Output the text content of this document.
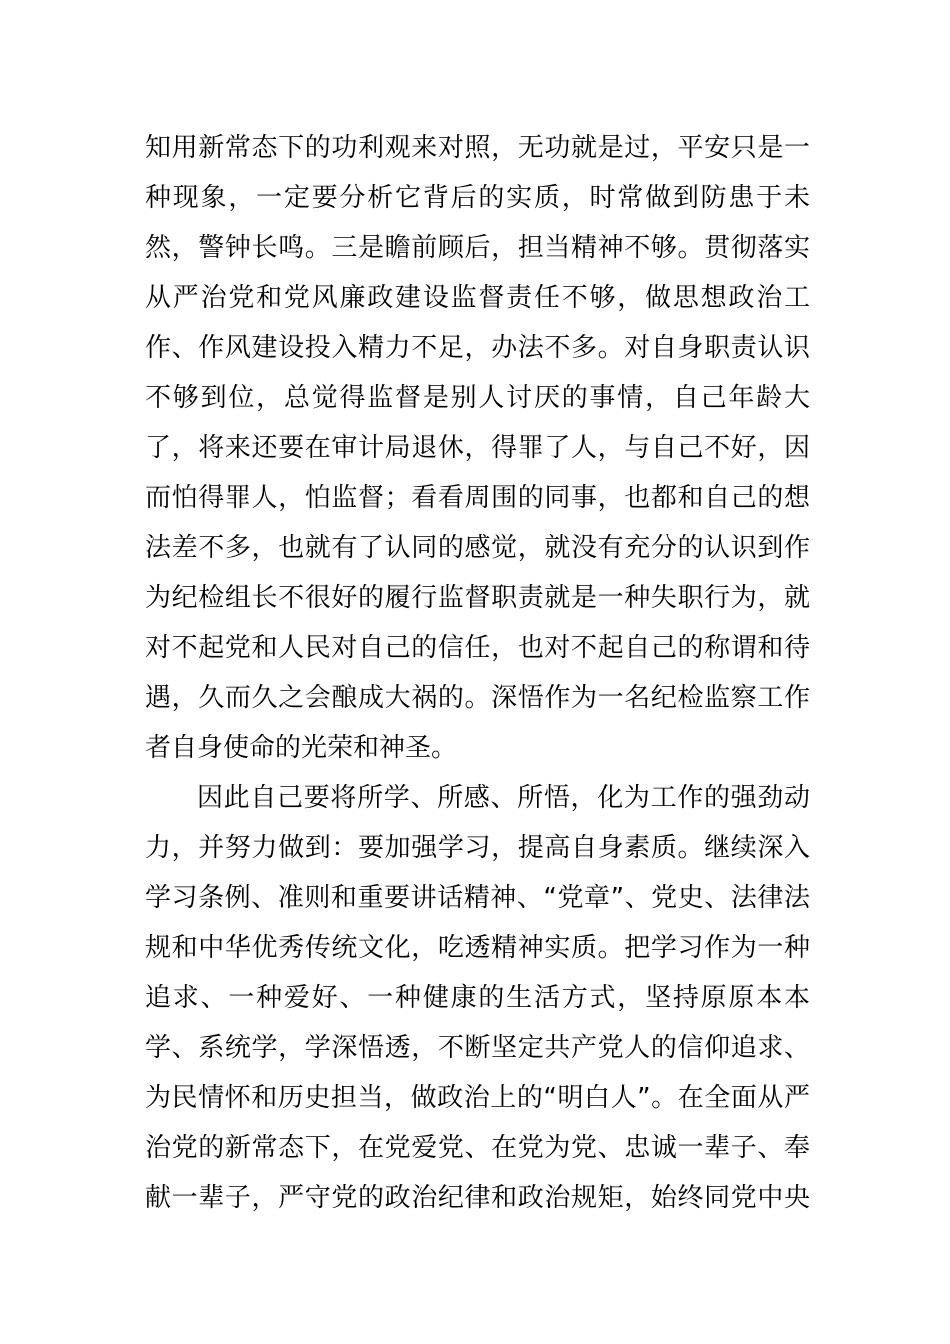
知用新常态下的功利观来对照，无功就是过，平安只是一
种现象，一定要分析它背后的实质，时常做到防患于未
然，警钟长鸣。三是瞻前顾后，担当精神不够。贯彻落实
从严治党和党风廉政建设监督责任不够，做思想政治工
作、作风建设投入精力不足，办法不多。对自身职责认识
不够到位，总觉得监督是别人讨厌的事情，自己年龄大
了，将来还要在审计局退休，得罪了人，与自己不好，因
而怕得罪人，怕监督；看看周围的同事，也都和自己的想
法差不多，也就有了认同的感觉，就没有充分的认识到作
为纪检组长不很好的履行监督职责就是一种失职行为，就
对不起党和人民对自己的信任，也对不起自己的称谓和待
遇，久而久之会酿成大祸的。深悟作为一名纪检监察工作
者自身使命的光荣和神圣。
因此自己要将所学、所感、所悟，化为工作的强劲动
力，并努力做到：要加强学习，提高自身素质。继续深入
学习条例、准则和重要讲话精神、“党章”、党史、法律法
规和中华优秀传统文化，吃透精神实质。把学习作为一种
追求、一种爱好、一种健康的生活方式，坚持原原本本
学、系统学，学深悟透，不断坚定共产党人的信仰追求、
为民情怀和历史担当，做政治上的“明白人”。在全面从严
治党的新常态下，在党爱党、在党为党、忠诚一辈子、奉
献一辈子，严守党的政治纪律和政治规矩，始终同党中央
